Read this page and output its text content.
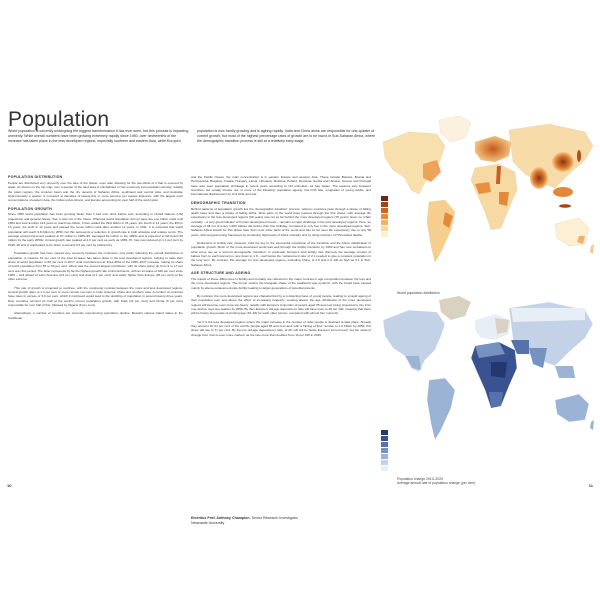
Population
World population is currently undergoing the biggest transformation it has ever seen, but this process is impacting unevenly. While overall numbers have been growing extremely rapidly since 1950, over nineteenths of the increase has taken place in the less developed regions, especially southern and eastern Asia, while Europe's population is now hardly growing and is ageing rapidly. India and China alone are responsible for one-quarter of current growth, but most of the highest percentage rates of growth are to be found in Sub-Saharan Africa, where the demographic transition process is still at a relatively early stage.
POPULATION DISTRIBUTION
People are distributed very unevenly over the face of the planet, even after allowing for the two-thirds of it that is covered by water. As shown on the top map, over a quarter of the land area is uninhabited or has extremely low population density, notably the polar regions, the Amazon basin and the dry deserts of Saharan Africa, southwest and central Asia, and Australia. Approximately a quarter is occupied at densities of twenty-five or more persons per square kilometre, with the largest such concentrations of eastern Asia, the Indian subcontinent, and Europe accounting for over half of the world total.
POPULATION GROWTH
Since 1950 world population has been growing faster than it has ever done before and, according to United Nations (UN) projections and general hopes, then it was not in the future. Whereas world population did not pass the one billion mark until 1804 and took another 123 years to reach two billion, it then added the third billion in 33 years, the fourth in 14 years, the fifth in 13 years, the sixth in 12 years and passed the seven billion mark after another 12 years, in 2011. It is expected that world population will reach 9.8 billion by 2050, but this represents a reduction in growth rate in both absolute and relative terms. The average annual increment peaked at 87 million in 1985–90, averaged 81 million in the 1990s and is expected to fall below 50 million by the early 2050s. Annual growth rate peaked at 2.0 per cent as early as 1965–70, has now reduced to 1.1 per cent by 2015–20 and is anticipated to be down to around 0.5 per cent by midcentury.
Population growth has been spread very unevenly between the continents, only partly reflecting the overall distribution of population. A massive 91 per cent of the total increase has taken place in the less developed regions, helping to raise their share of world population to 83 per cent in 2017. Asia contributed over three-fifths of the 1950–2017 increase, raising its share of world population from 55 to 60 per cent. Africa was the second-largest contributor, with its share going up from 9 to 17 per cent over this period. The latter represents by far the highest growth rate of all continents, with an increase of 460 per cent since 1950 – well ahead of Latin America (2.6 per cent) and Asia (2.1 per cent) and vastly higher than Europe (35 per cent) at the other extreme.
This rate of growth is projected to continue, with the continuing contrast between the more and less developed regions. Annual growth rates of 1.3 per cent or more remain common in Latin America, Africa and southern Asia. A number of countries have rates in excess of 3.0 per cent, which if continued would lead to the doubling of population in around twenty-three years. Nine countries account for half of the world's current population growth, with India (14 per cent) and China (9 per cent) responsible for over half of this, followed by Nigeria (6 per cent).
Alternatively, a number of countries are currently experiencing population decline. Besides various island states in the Caribbean
and the Pacific Ocean, the main concentration is in eastern Europe and western Asia. These include Belarus, Bosnia and Herzegovina, Bulgaria, Croatia, Hungary, Latvia, Lithuania, Moldova, Poland, Romania, Serbia and Ukraine. Greece and Portugal have also seen population shrinkage in recent years according to UN estimates, as has Japan. The reasons vary between countries, but usually involve one or more of the following: population ageing, low birth rate, emigration of young adults, and international displacement by civil strife and war.
DEMOGRAPHIC TRANSITION
Behind patterns of population growth lies the 'demographic transition' process, wherein countries pass through a phase of falling death rates and then a phase of falling births. Most parts of the world have passed through the first phase, with average life expectancy in the less developed regions (69 years) now not so far behind the more developed regions (78 years). Even so, infant mortality – a very good indicator of human development levels – remains a major challenge in the less developed regions. Here, an average of 38 out of every 1,000 babies die before their first birthday, compared to only five in the more developed regions. Sub-Saharan Africa stands for this phase later than most other parts of the world and has so far seen life expectancy rise to only 58 years, with progress being hampered by continuing high levels of infant mortality and by rising numbers of HIV-related deaths.
Reductions in fertility rate, however, hold the key to the successful completion of the transition and the future stabilization of population growth. Much of the more developed world was well through the fertility transition by 1950 and has now embarked on what some see as a 'second demographic transition'. In particular, Europe's total fertility rate (formerly the average number of babies born to each woman) is now down to 1.6 – well below the 'replacement rate' of 2.1 needed to give a constant population in the long term. By contrast, this average for less developed regions, excluding China, is 2.9 and it is still as high as 5.1 in Sub-Saharan Africa.
AGE STRUCTURE AND AGEING
The impact of these differences in fertility and mortality are reflected in the major contrast in age composition between the less and the more developed regions. The former retains the triangular shape of the traditional 'age pyramid', with the broad base caused mainly by above-replacement-rate fertility leading to larger generations of potential parents.
By contrast, the more developed regions are characterized by a contracting base of young people, leading to a rapid ageing of their population over and above the effect of increasing longevity. Looking ahead, the age distribution of the more developed regions will become even more top-heavy, notably with Europe's proportion of people aged 65 and over being projected to rise from one-sixth to over one-quarter by 2050. By then Europe's old-age dependency ratio will have risen to 49 per 100, meaning that there will be barely two people of working age (15–64) for each older person, compared with almost four currently.
Yet it is the less developed regions where the major increase in the number of older people is destined to take place. Already they account for 64 per cent of the world's people aged 65 and over and, with a tripling of their number to 1.2 billion by 2050, this share will rise to 77 per cent. By then its old-age dependency ratio, at 20, will still be below Europe's current level, but the scale of change from now is even more marked, as the rate more than doubles from 10 per 100 in 2015.
Emeritus Prof. Anthony Champion, Senior Research Investigator
Newcastle University
World population distribution
Population change 2010–2020
Average annual rate of population change (per cent)
10	11
